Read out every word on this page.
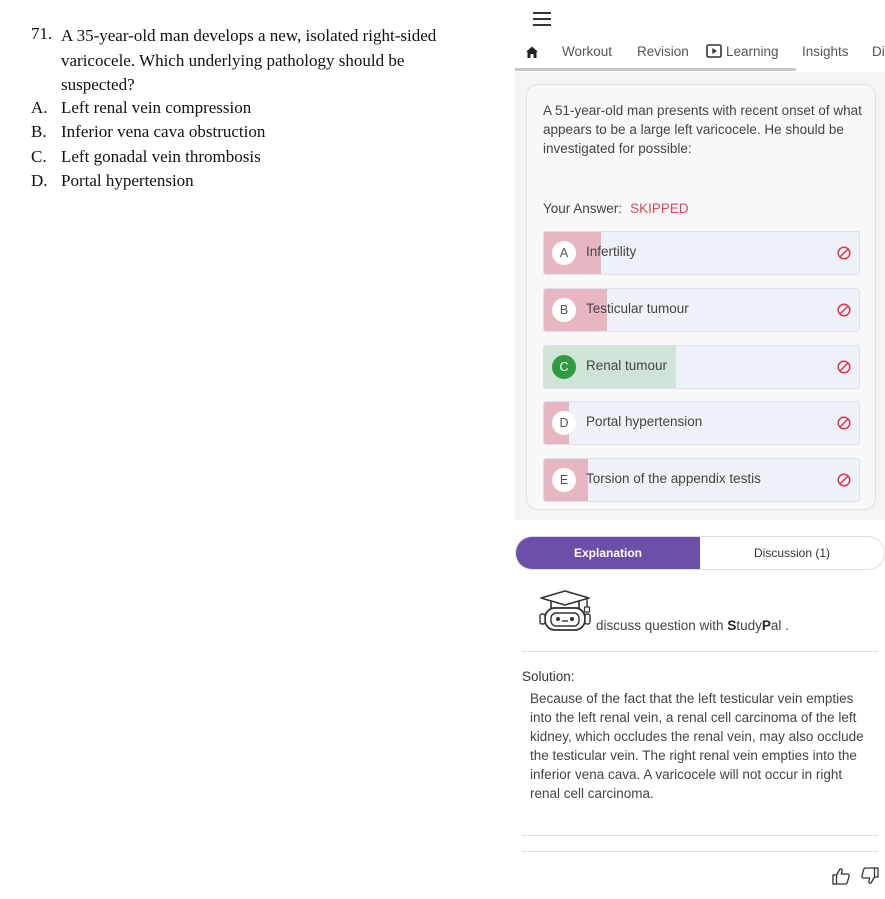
71. A 35-year-old man develops a new, isolated right-sided varicocele. Which underlying pathology should be suspected?
A. Left renal vein compression
B. Inferior vena cava obstruction
C. Left gonadal vein thrombosis
D. Portal hypertension
Workout Revision	Learning Insights Di
A 51-year-old man presents with recent onset of what appears to be a large left varicocele. He should be investigated for possible:
Your Answer: SKIPPED
A	Infertility
B	Testicular tumour
C	Renal tumour
D	Portal hypertension
E	Torsion of the appendix testis
Explanation	Discussion (1)
discuss question with StudyPal .
Solution:
Because of the fact that the left testicular vein empties into the left renal vein, a renal cell carcinoma of the left kidney, which occludes the renal vein, may also occlude the testicular vein. The right renal vein empties into the inferior vena cava. A varicocele will not occur in right renal cell carcinoma.
